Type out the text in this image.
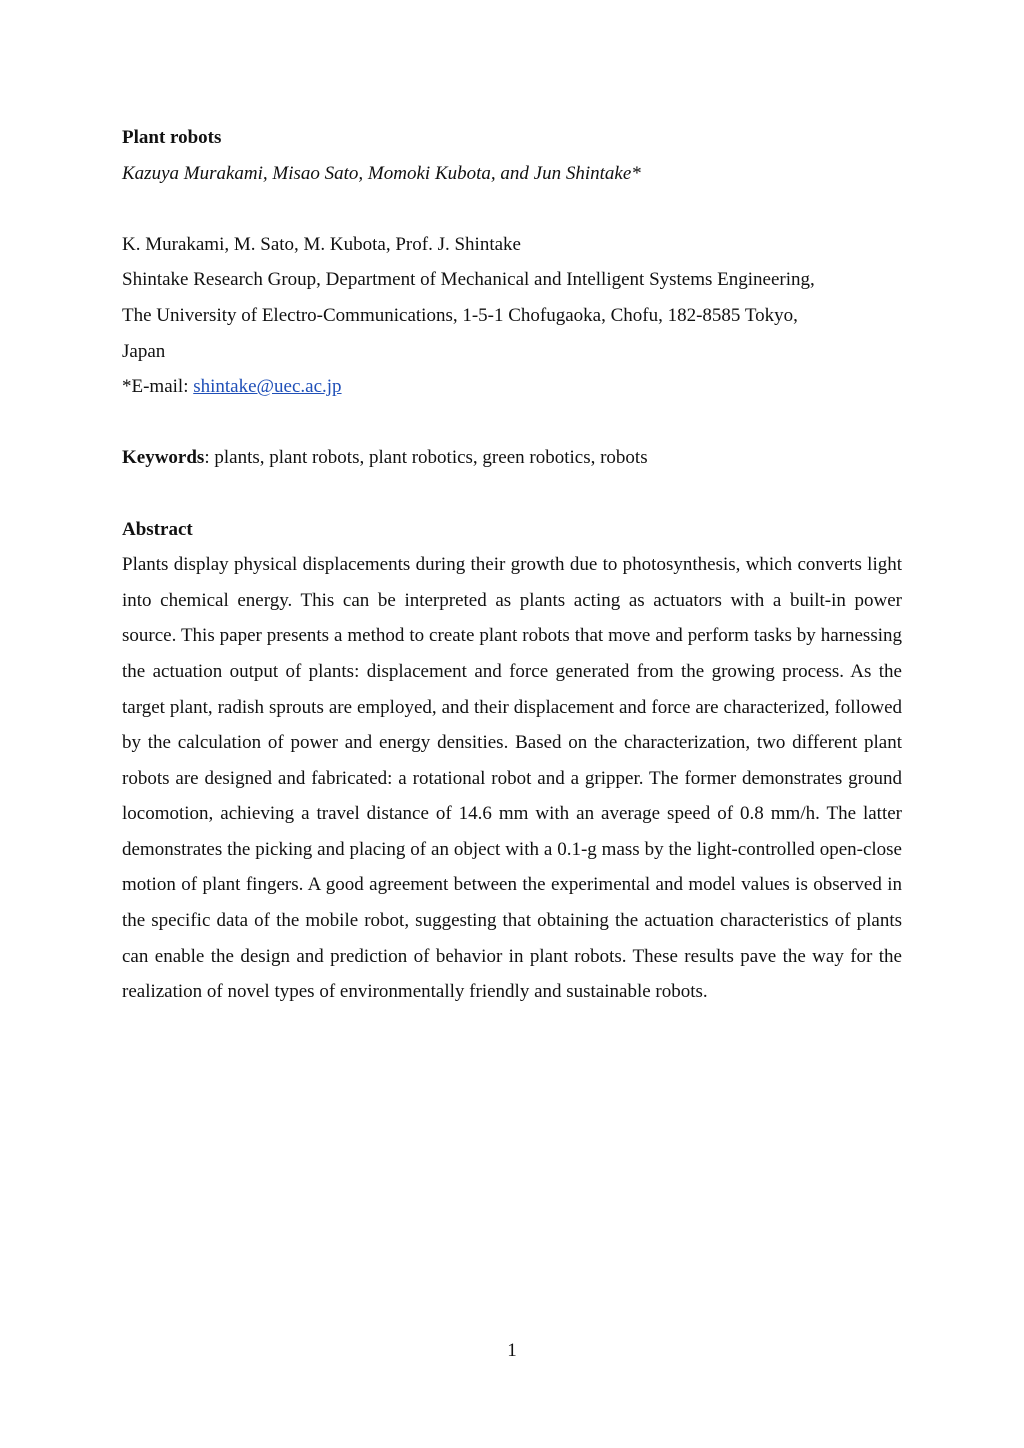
Plant robots

Kazuya Murakami, Misao Sato, Momoki Kubota, and Jun Shintake*

K. Murakami, M. Sato, M. Kubota, Prof. J. Shintake

Shintake Research Group, Department of Mechanical and Intelligent Systems Engineering,

The University of Electro-Communications, 1-5-1 Chofugaoka, Chofu, 182-8585 Tokyo,

Japan

*E-mail: shintake@uec.ac.jp

Keywords: plants, plant robots, plant robotics, green robotics, robots

Abstract

Plants display physical displacements during their growth due to photosynthesis, which converts light into chemical energy. This can be interpreted as plants acting as actuators with a built-in power source. This paper presents a method to create plant robots that move and perform tasks by harnessing the actuation output of plants: displacement and force generated from the growing process. As the target plant, radish sprouts are employed, and their displacement and force are characterized, followed by the calculation of power and energy densities. Based on the characterization, two different plant robots are designed and fabricated: a rotational robot and a gripper. The former demonstrates ground locomotion, achieving a travel distance of 14.6 mm with an average speed of 0.8 mm/h. The latter demonstrates the picking and placing of an object with a 0.1-g mass by the light-controlled open-close motion of plant fingers. A good agreement between the experimental and model values is observed in the specific data of the mobile robot, suggesting that obtaining the actuation characteristics of plants can enable the design and prediction of behavior in plant robots. These results pave the way for the realization of novel types of environmentally friendly and sustainable robots.

1
